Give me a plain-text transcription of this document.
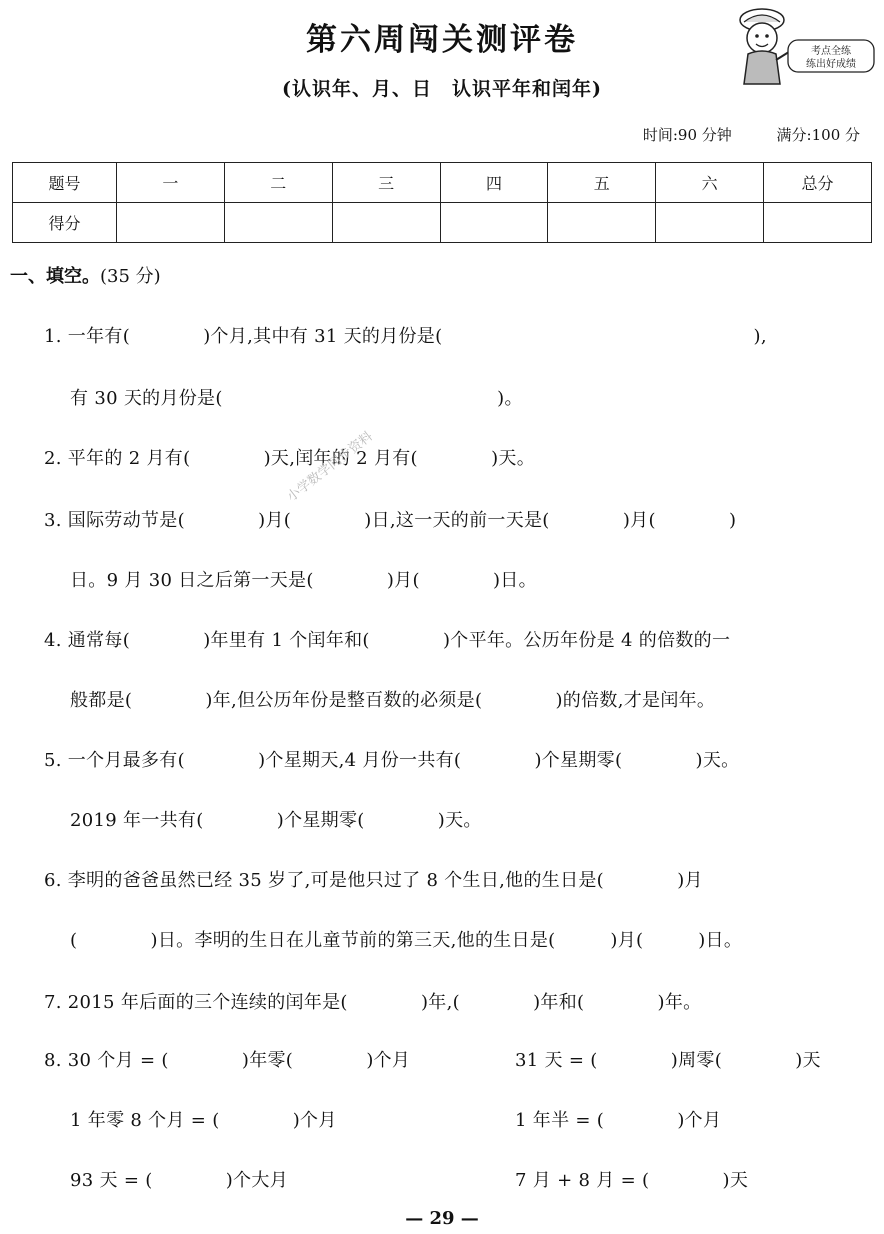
第六周闯关测评卷
(认识年、月、日　认识平年和闰年)
考点全练
练出好成绩
时间:90 分钟	满分:100 分
题号	一	二	三	四	五	六	总分
得分							
一、填空。(35 分)
1. 一年有(　　　　)个月,其中有 31 天的月份是(　　　　　　　　　　　　　　　　　),
有 30 天的月份是(　　　　　　　　　　　　　　　)。
2. 平年的 2 月有(　　　　)天,闰年的 2 月有(　　　　)天。
3. 国际劳动节是(　　　　)月(　　　　)日,这一天的前一天是(　　　　)月(　　　　)
日。9 月 30 日之后第一天是(　　　　)月(　　　　)日。
4. 通常每(　　　　)年里有 1 个闰年和(　　　　)个平年。公历年份是 4 的倍数的一
般都是(　　　　)年,但公历年份是整百数的必须是(　　　　)的倍数,才是闰年。
5. 一个月最多有(　　　　)个星期天,4 月份一共有(　　　　)个星期零(　　　　)天。
2019 年一共有(　　　　)个星期零(　　　　)天。
6. 李明的爸爸虽然已经 35 岁了,可是他只过了 8 个生日,他的生日是(　　　　)月
(　　　　)日。李明的生日在儿童节前的第三天,他的生日是(　　　)月(　　　)日。
7. 2015 年后面的三个连续的闰年是(　　　　)年,(　　　　)年和(　　　　)年。
8. 30 个月 = (　　　　)年零(　　　　)个月	31 天 = (　　　　)周零(　　　　)天
1 年零 8 个月 = (　　　　)个月	1 年半 = (　　　　)个月
93 天 = (　　　　)个大月	7 月 + 8 月 = (　　　　)天
小学数学同步资料
— 29 —
